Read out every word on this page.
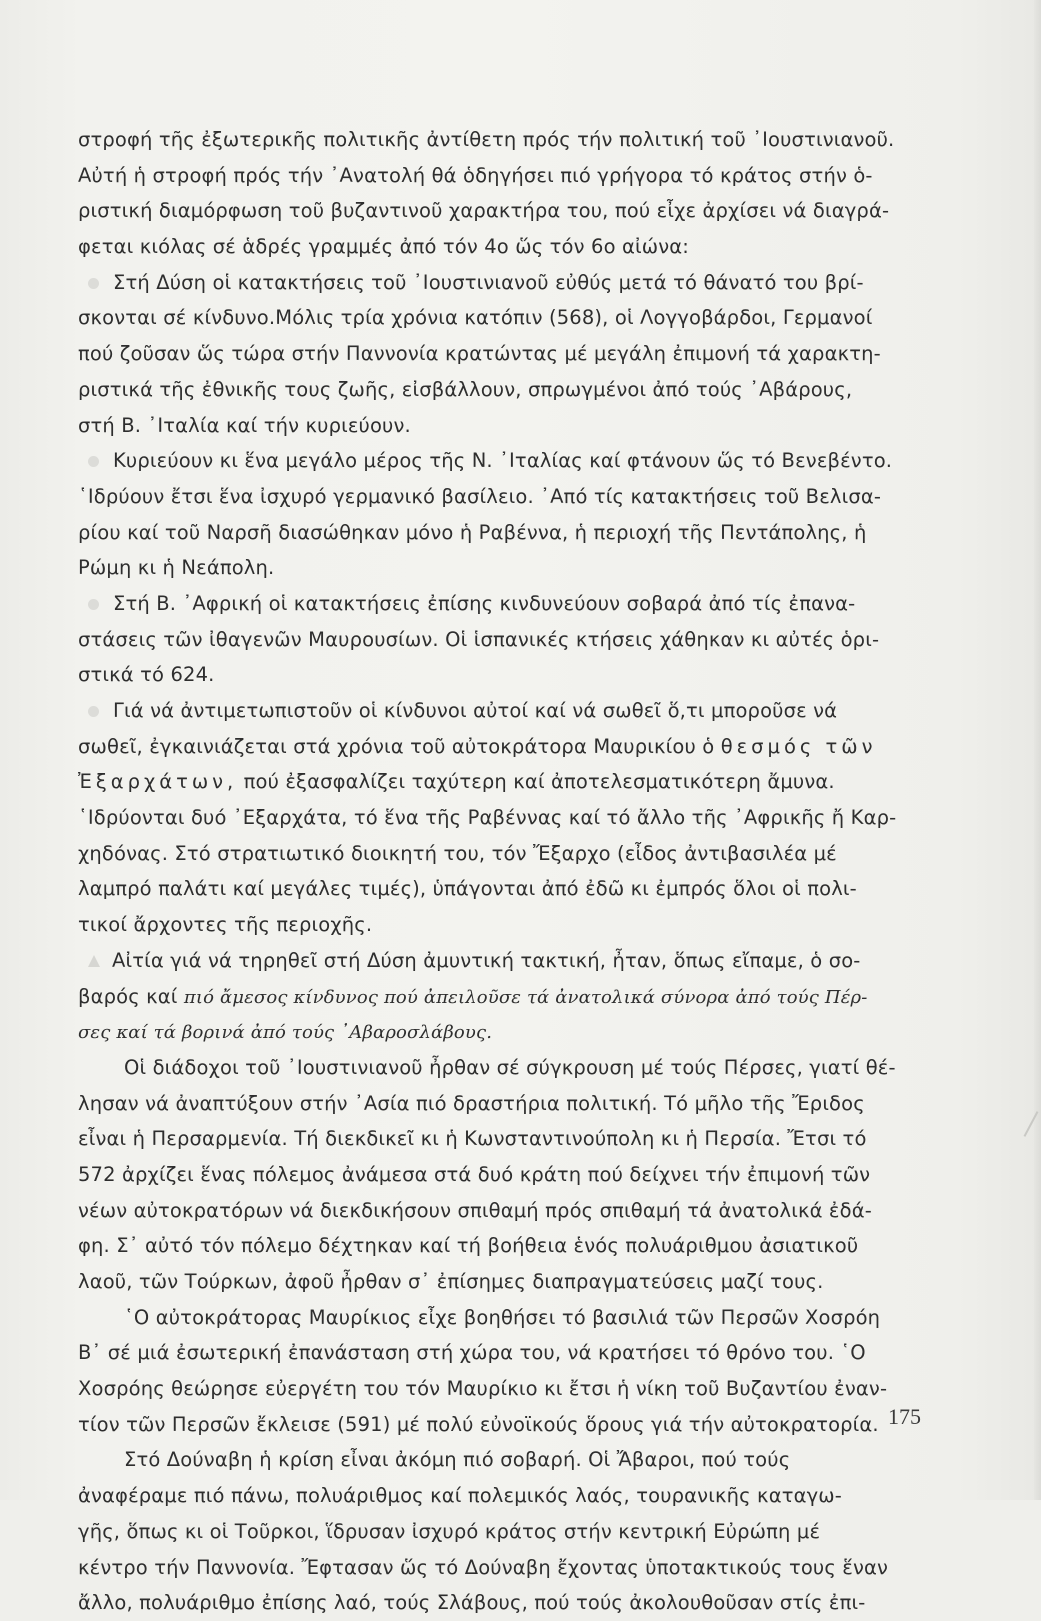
στροφή τῆς ἐξωτερικῆς πολιτικῆς ἀντίθετη πρός τήν πολιτική τοῦ ᾿Ιουστινιανοῦ.
Αὐτή ἡ στροφή πρός τήν ᾿Ανατολή θά ὁδηγήσει πιό γρήγορα τό κράτος στήν ὁ-
ριστική διαμόρφωση τοῦ βυζαντινοῦ χαρακτήρα του, πού εἶχε ἀρχίσει νά διαγρά-
φεται κιόλας σέ ἁδρές γραμμές ἀπό τόν 4ο ὥς τόν 6ο αἰώνα:
Στή Δύση οἱ κατακτήσεις τοῦ ᾿Ιουστινιανοῦ εὐθύς μετά τό θάνατό του βρί-
σκονται σέ κίνδυνο.Μόλις τρία χρόνια κατόπιν (568), οἱ Λογγοβάρδοι, Γερμανοί
πού ζοῦσαν ὥς τώρα στήν Παννονία κρατώντας μέ μεγάλη ἐπιμονή τά χαρακτη-
ριστικά τῆς ἐθνικῆς τους ζωῆς, εἰσβάλλουν, σπρωγμένοι ἀπό τούς ᾿Αβάρους,
στή Β. ᾿Ιταλία καί τήν κυριεύουν.
Κυριεύουν κι ἕνα μεγάλο μέρος τῆς Ν. ᾿Ιταλίας καί φτάνουν ὥς τό Βενεβέντο.
῾Ιδρύουν ἔτσι ἕνα ἰσχυρό γερμανικό βασίλειο. ᾿Από τίς κατακτήσεις τοῦ Βελισα-
ρίου καί τοῦ Ναρσῆ διασώθηκαν μόνο ἡ Ραβέννα, ἡ περιοχή τῆς Πεντάπολης, ἡ
Ρώμη κι ἡ Νεάπολη.
Στή Β. ᾿Αφρική οἱ κατακτήσεις ἐπίσης κινδυνεύουν σοβαρά ἀπό τίς ἐπανα-
στάσεις τῶν ἰθαγενῶν Μαυρουσίων. Οἱ ἱσπανικές κτήσεις χάθηκαν κι αὐτές ὁρι-
στικά τό 624.
Γιά νά ἀντιμετωπιστοῦν οἱ κίνδυνοι αὐτοί καί νά σωθεῖ ὅ,τι μποροῦσε νά
σωθεῖ, ἐγκαινιάζεται στά χρόνια τοῦ αὐτοκράτορα Μαυρικίου ὁ θεσμός τῶν
Ἐξαρχάτων, πού ἐξασφαλίζει ταχύτερη καί ἀποτελεσματικότερη ἄμυνα.
῾Ιδρύονται δυό ᾿Εξαρχάτα, τό ἕνα τῆς Ραβέννας καί τό ἄλλο τῆς ᾿Αφρικῆς ἤ Καρ-
χηδόνας. Στό στρατιωτικό διοικητή του, τόν Ἔξαρχο (εἶδος ἀντιβασιλέα μέ
λαμπρό παλάτι καί μεγάλες τιμές), ὑπάγονται ἀπό ἐδῶ κι ἐμπρός ὅλοι οἱ πολι-
τικοί ἄρχοντες τῆς περιοχῆς.
Αἰτία γιά νά τηρηθεῖ στή Δύση ἀμυντική τακτική, ἦταν, ὅπως εἴπαμε, ὁ σο-
βαρός καί πιό ἄμεσος κίνδυνος πού ἀπειλοῦσε τά ἀνατολικά σύνορα ἀπό τούς Πέρ-
σες καί τά βορινά ἀπό τούς ᾿Αβαροσλάβους.
Οἱ διάδοχοι τοῦ ᾿Ιουστινιανοῦ ἦρθαν σέ σύγκρουση μέ τούς Πέρσες, γιατί θέ-
λησαν νά ἀναπτύξουν στήν ᾿Ασία πιό δραστήρια πολιτική. Τό μῆλο τῆς Ἔριδος
εἶναι ἡ Περσαρμενία. Τή διεκδικεῖ κι ἡ Κωνσταντινούπολη κι ἡ Περσία. Ἔτσι τό
572 ἀρχίζει ἕνας πόλεμος ἀνάμεσα στά δυό κράτη πού δείχνει τήν ἐπιμονή τῶν
νέων αὐτοκρατόρων νά διεκδικήσουν σπιθαμή πρός σπιθαμή τά ἀνατολικά ἐδά-
φη. Σ᾿ αὐτό τόν πόλεμο δέχτηκαν καί τή βοήθεια ἑνός πολυάριθμου ἀσιατικοῦ
λαοῦ, τῶν Τούρκων, ἀφοῦ ἦρθαν σ᾿ ἐπίσημες διαπραγματεύσεις μαζί τους.
῾Ο αὐτοκράτορας Μαυρίκιος εἶχε βοηθήσει τό βασιλιά τῶν Περσῶν Χοσρόη
Β᾿ σέ μιά ἐσωτερική ἐπανάσταση στή χώρα του, νά κρατήσει τό θρόνο του. ῾Ο
Χοσρόης θεώρησε εὐεργέτη του τόν Μαυρίκιο κι ἔτσι ἡ νίκη τοῦ Βυζαντίου ἐναν-
τίον τῶν Περσῶν ἔκλεισε (591) μέ πολύ εὐνοϊκούς ὅρους γιά τήν αὐτοκρατορία.
Στό Δούναβη ἡ κρίση εἶναι ἀκόμη πιό σοβαρή. Οἱ Ἄβαροι, πού τούς
ἀναφέραμε πιό πάνω, πολυάριθμος καί πολεμικός λαός, τουρανικῆς καταγω-
γῆς, ὅπως κι οἱ Τοῦρκοι, ἵδρυσαν ἰσχυρό κράτος στήν κεντρική Εὐρώπη μέ
κέντρο τήν Παννονία. Ἔφτασαν ὥς τό Δούναβη ἔχοντας ὑποτακτικούς τους ἕναν
ἄλλο, πολυάριθμο ἐπίσης λαό, τούς Σλάβους, πού τούς ἀκολουθοῦσαν στίς ἐπι-
175
